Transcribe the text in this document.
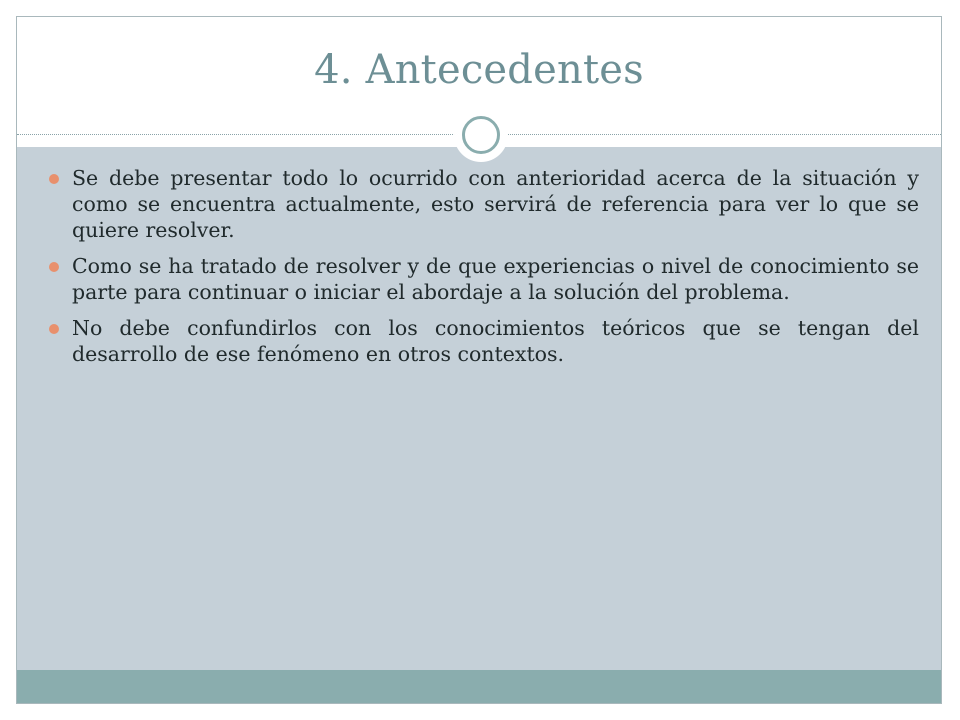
4. Antecedentes
Se debe presentar todo lo ocurrido con anterioridad acerca de la situación y como se encuentra actualmente, esto servirá de referencia para ver lo que se quiere resolver.
Como se ha tratado de resolver y de que experiencias o nivel de conocimiento se parte para continuar o iniciar el abordaje a la solución del problema.
No debe confundirlos con los conocimientos teóricos que se tengan del desarrollo de ese fenómeno en otros contextos.
